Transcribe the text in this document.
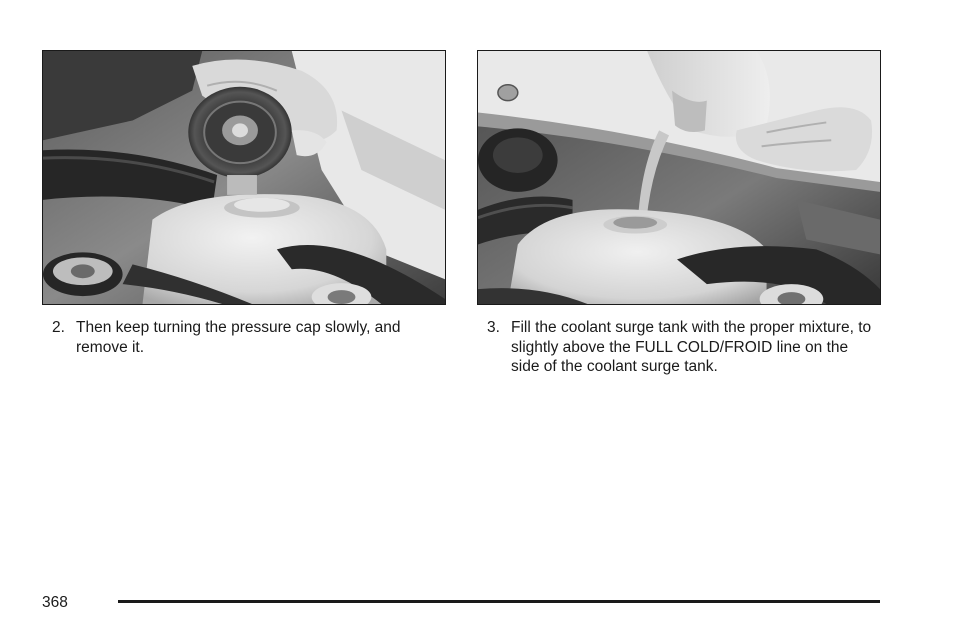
2. Then keep turning the pressure cap slowly, and remove it.

3. Fill the coolant surge tank with the proper mixture, to slightly above the FULL COLD/FROID line on the side of the coolant surge tank.

368
